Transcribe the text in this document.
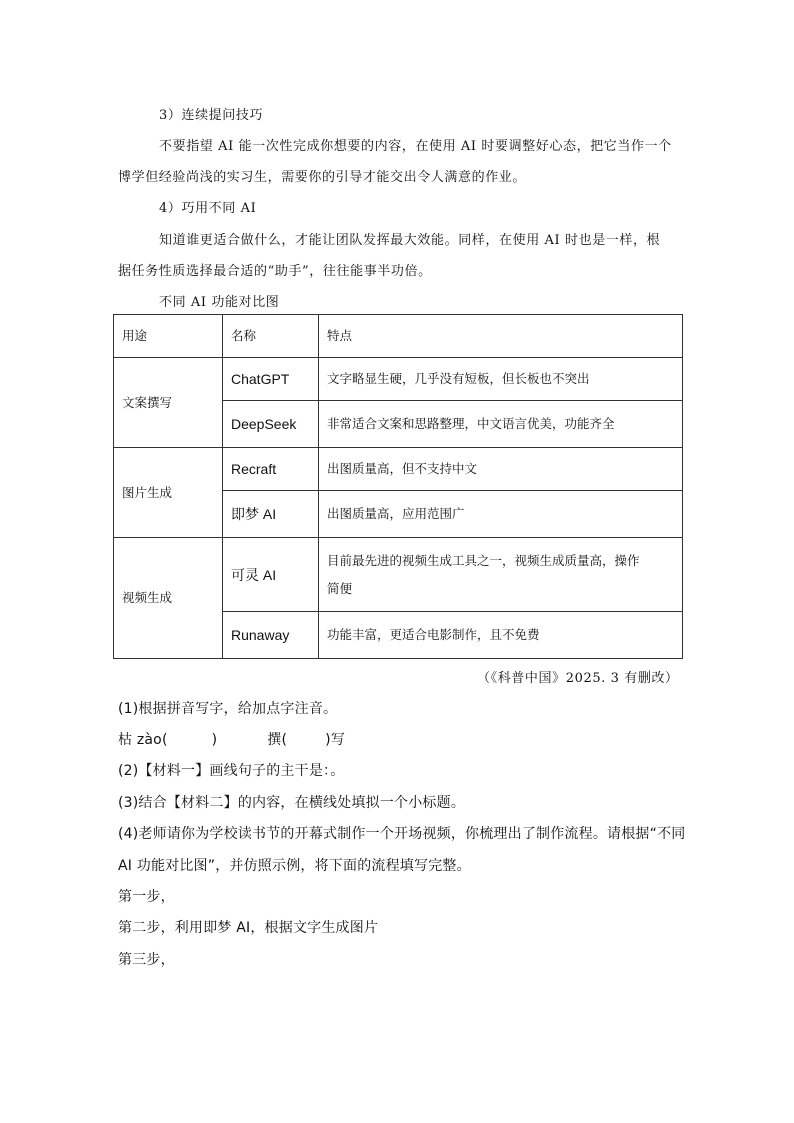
3）连续提问技巧
不要指望 AI 能一次性完成你想要的内容，在使用 AI 时要调整好心态，把它当作一个
博学但经验尚浅的实习生，需要你的引导才能交出令人满意的作业。
4）巧用不同 AI
知道谁更适合做什么，才能让团队发挥最大效能。同样，在使用 AI 时也是一样，根
据任务性质选择最合适的“助手”，往往能事半功倍。
不同 AI 功能对比图
用途	名称	特点
文案撰写	ChatGPT	文字略显生硬，几乎没有短板，但长板也不突出
	DeepSeek	非常适合文案和思路整理，中文语言优美，功能齐全
图片生成	Recraft	出图质量高，但不支持中文
	即梦 AI	出图质量高，应用范围广
视频生成	可灵 AI	目前最先进的视频生成工具之一，视频生成质量高，操作
简便

	Runaway	功能丰富，更适合电影制作，且不免费
（《科普中国》2025. 3 有删改）
(1)根据拼音写字，给加点字注音。
枯 zào(	)	撰(	)写
(2)【材料一】画线句子的主干是：。
(3)结合【材料二】的内容，在横线处填拟一个小标题。
(4)老师请你为学校读书节的开幕式制作一个开场视频，你梳理出了制作流程。请根据“不同
AI 功能对比图”，并仿照示例，将下面的流程填写完整。
第一步，
第二步，利用即梦 AI，根据文字生成图片
第三步，
